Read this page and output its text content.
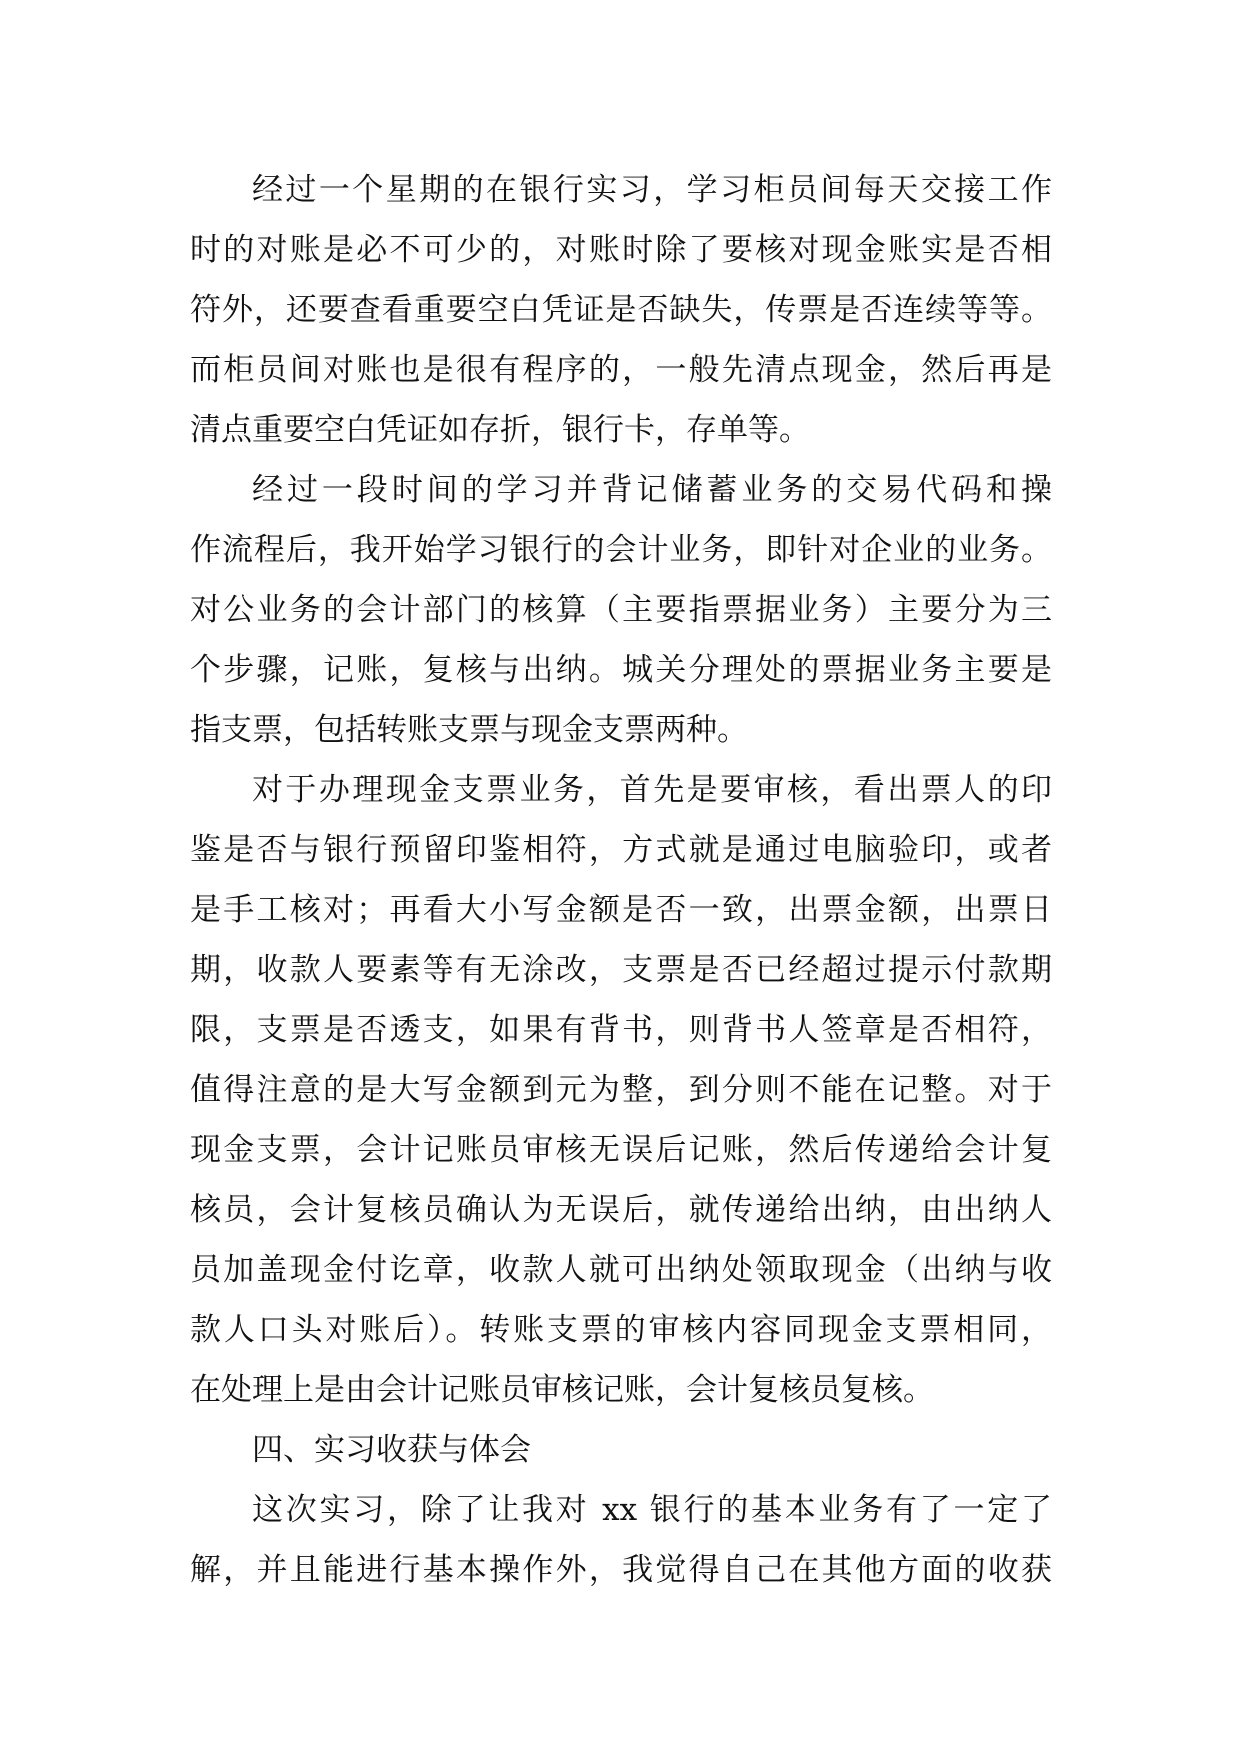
经过一个星期的在银行实习，学习柜员间每天交接工作
时的对账是必不可少的，对账时除了要核对现金账实是否相
符外，还要查看重要空白凭证是否缺失，传票是否连续等等。
而柜员间对账也是很有程序的，一般先清点现金，然后再是
清点重要空白凭证如存折，银行卡，存单等。
经过一段时间的学习并背记储蓄业务的交易代码和操
作流程后，我开始学习银行的会计业务，即针对企业的业务。
对公业务的会计部门的核算（主要指票据业务）主要分为三
个步骤，记账，复核与出纳。城关分理处的票据业务主要是
指支票，包括转账支票与现金支票两种。
对于办理现金支票业务，首先是要审核，看出票人的印
鉴是否与银行预留印鉴相符，方式就是通过电脑验印，或者
是手工核对；再看大小写金额是否一致，出票金额，出票日
期，收款人要素等有无涂改，支票是否已经超过提示付款期
限，支票是否透支，如果有背书，则背书人签章是否相符，
值得注意的是大写金额到元为整，到分则不能在记整。对于
现金支票，会计记账员审核无误后记账，然后传递给会计复
核员，会计复核员确认为无误后，就传递给出纳，由出纳人
员加盖现金付讫章，收款人就可出纳处领取现金（出纳与收
款人口头对账后）。转账支票的审核内容同现金支票相同，
在处理上是由会计记账员审核记账，会计复核员复核。
四、实习收获与体会
这次实习，除了让我对 xx 银行的基本业务有了一定了
解，并且能进行基本操作外，我觉得自己在其他方面的收获
